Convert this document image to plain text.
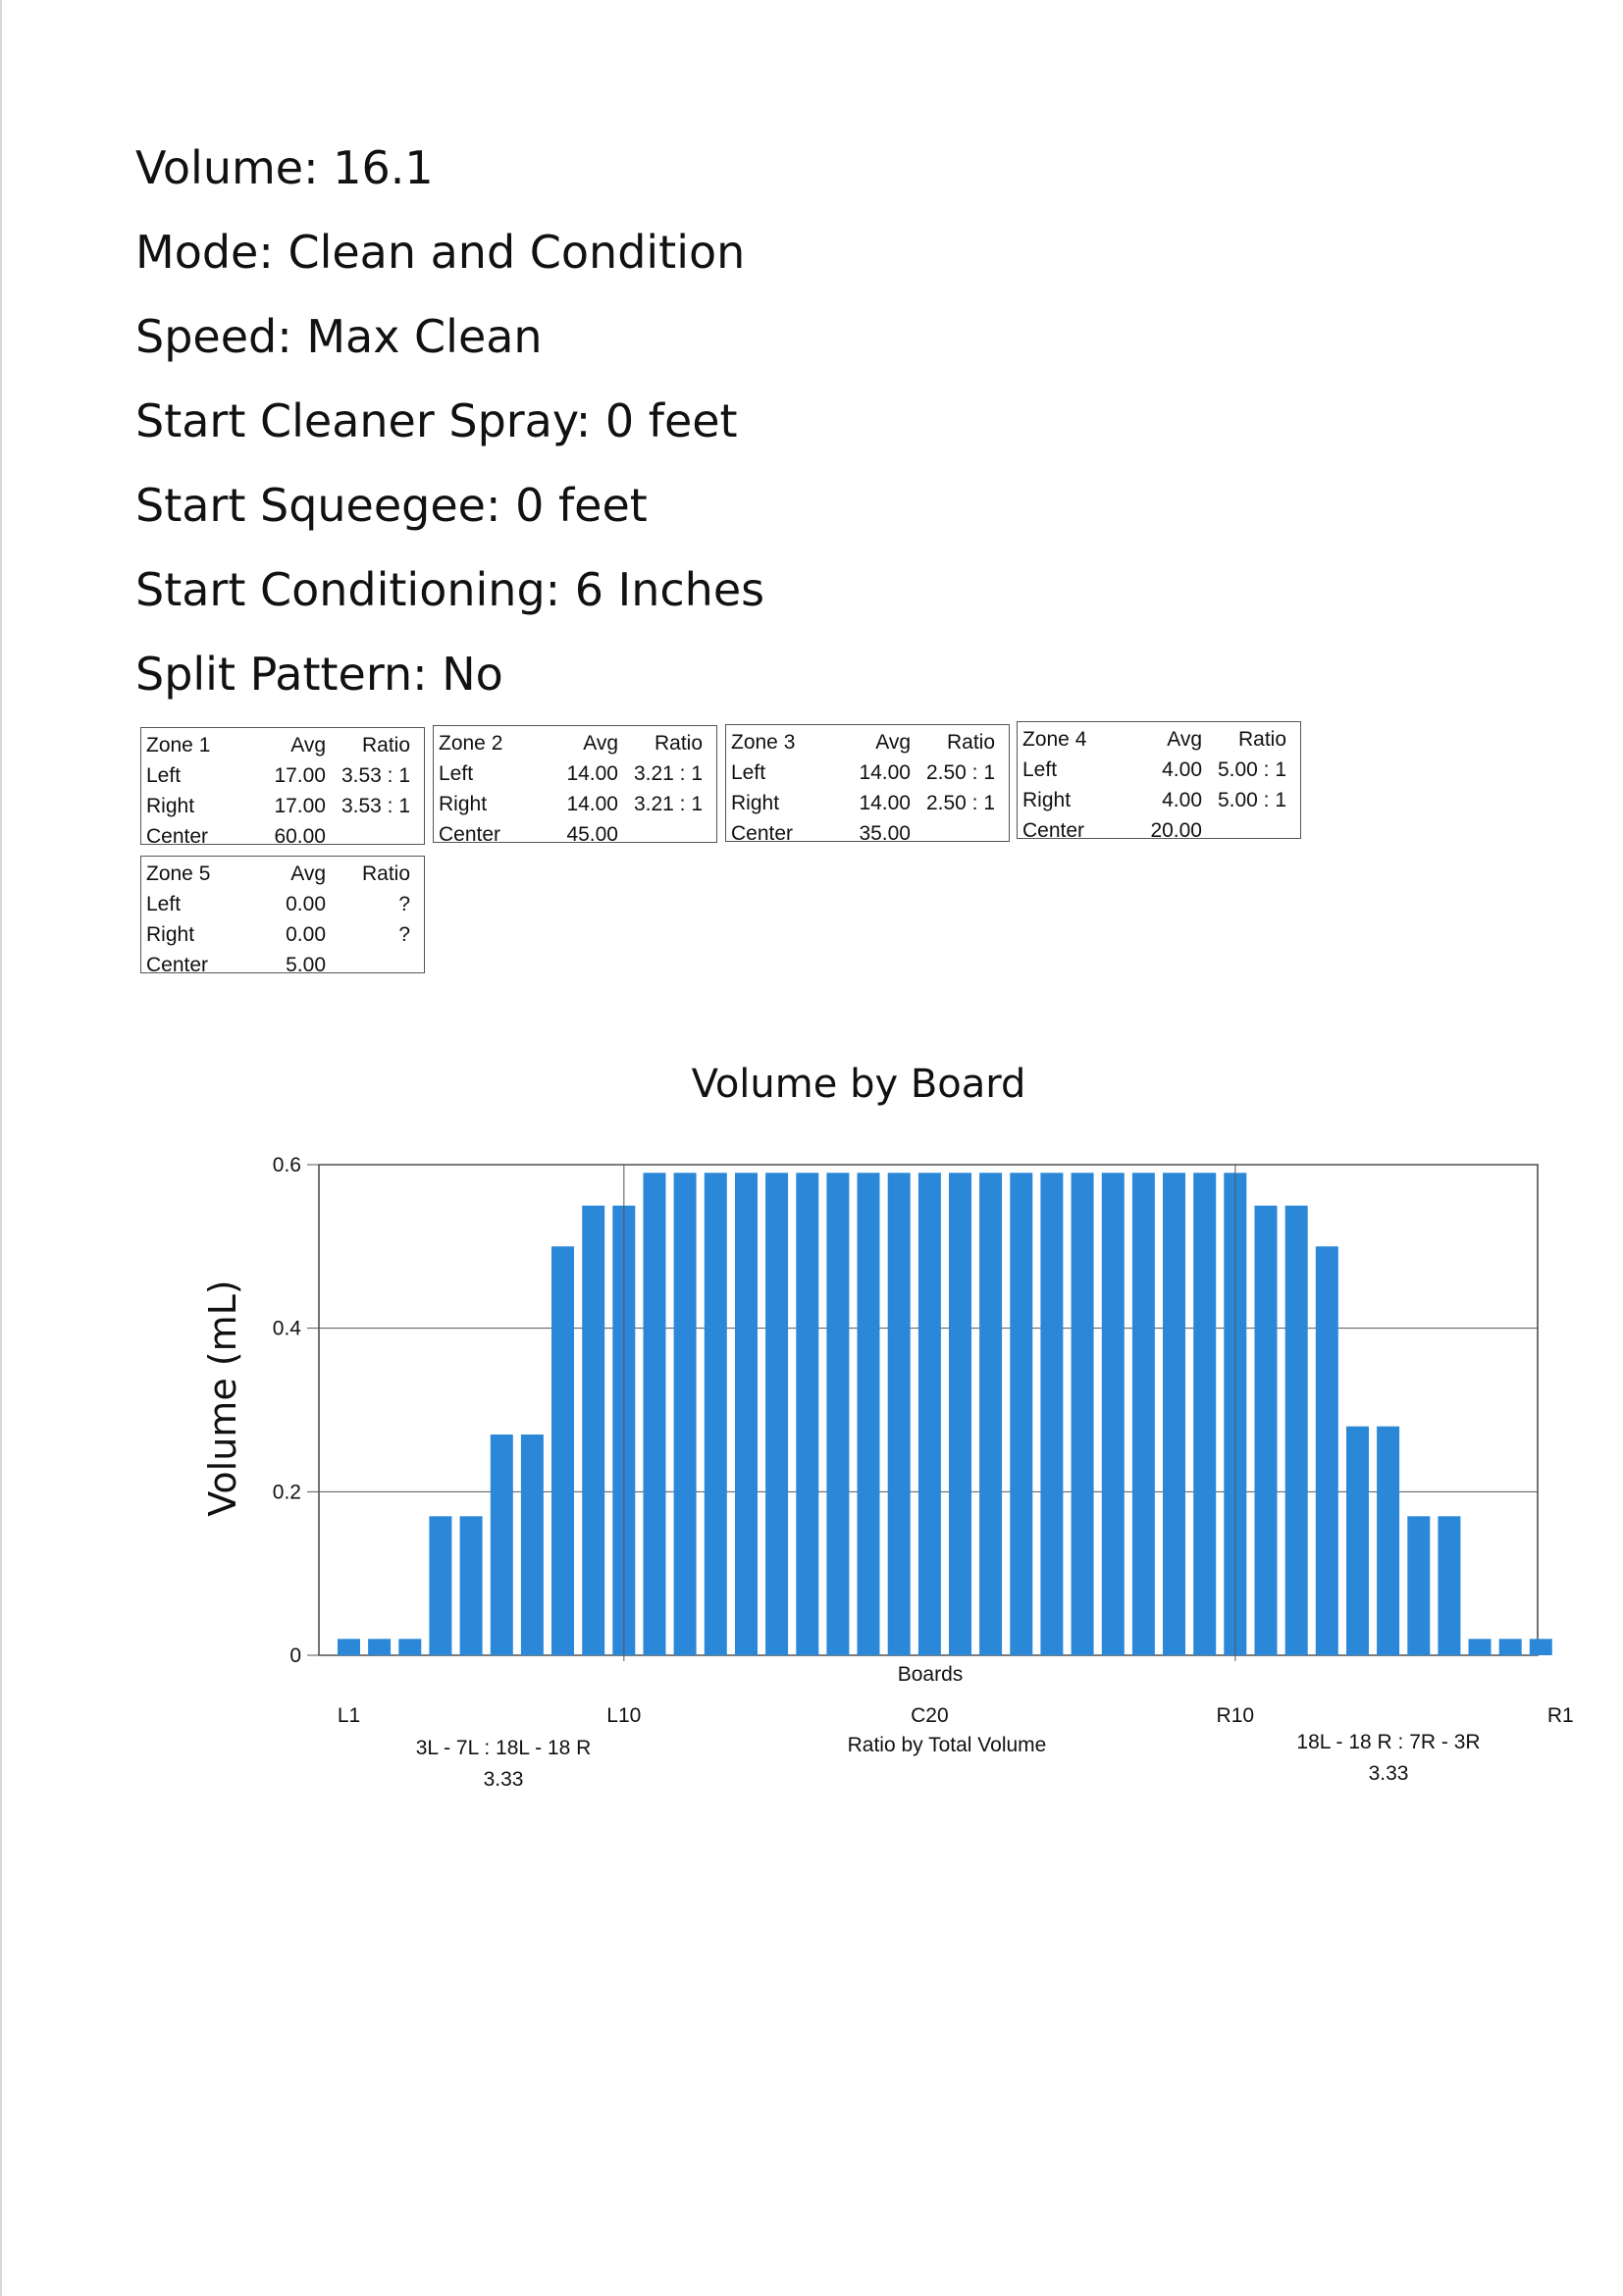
Volume: 16.1
Mode: Clean and Condition
Speed: Max Clean
Start Cleaner Spray: 0 feet
Start Squeegee: 0 feet
Start Conditioning: 6 Inches
Split Pattern: No
Zone 1	Avg Ratio
Left	17.00 3.53 : 1
Right	17.00 3.53 : 1
Center	60.00
Zone 2	Avg Ratio
Left	14.00 3.21 : 1
Right	14.00 3.21 : 1
Center	45.00
Zone 3	Avg Ratio
Left	14.00 2.50 : 1
Right	14.00 2.50 : 1
Center	35.00
Zone 4	Avg Ratio
Left	4.00 5.00 : 1
Right	4.00 5.00 : 1
Center	20.00
Zone 5	Avg Ratio
Left	0.00	?
Right	0.00	?
Center	5.00
Volume by Board
Volume (mL)
0
0.2
0.4
0.6
L1	L10	C20	R10	R1
Boards
3L - 7L : 18L - 18 R
3.33
Ratio by Total Volume	18L - 18 R : 7R - 3R
3.33
